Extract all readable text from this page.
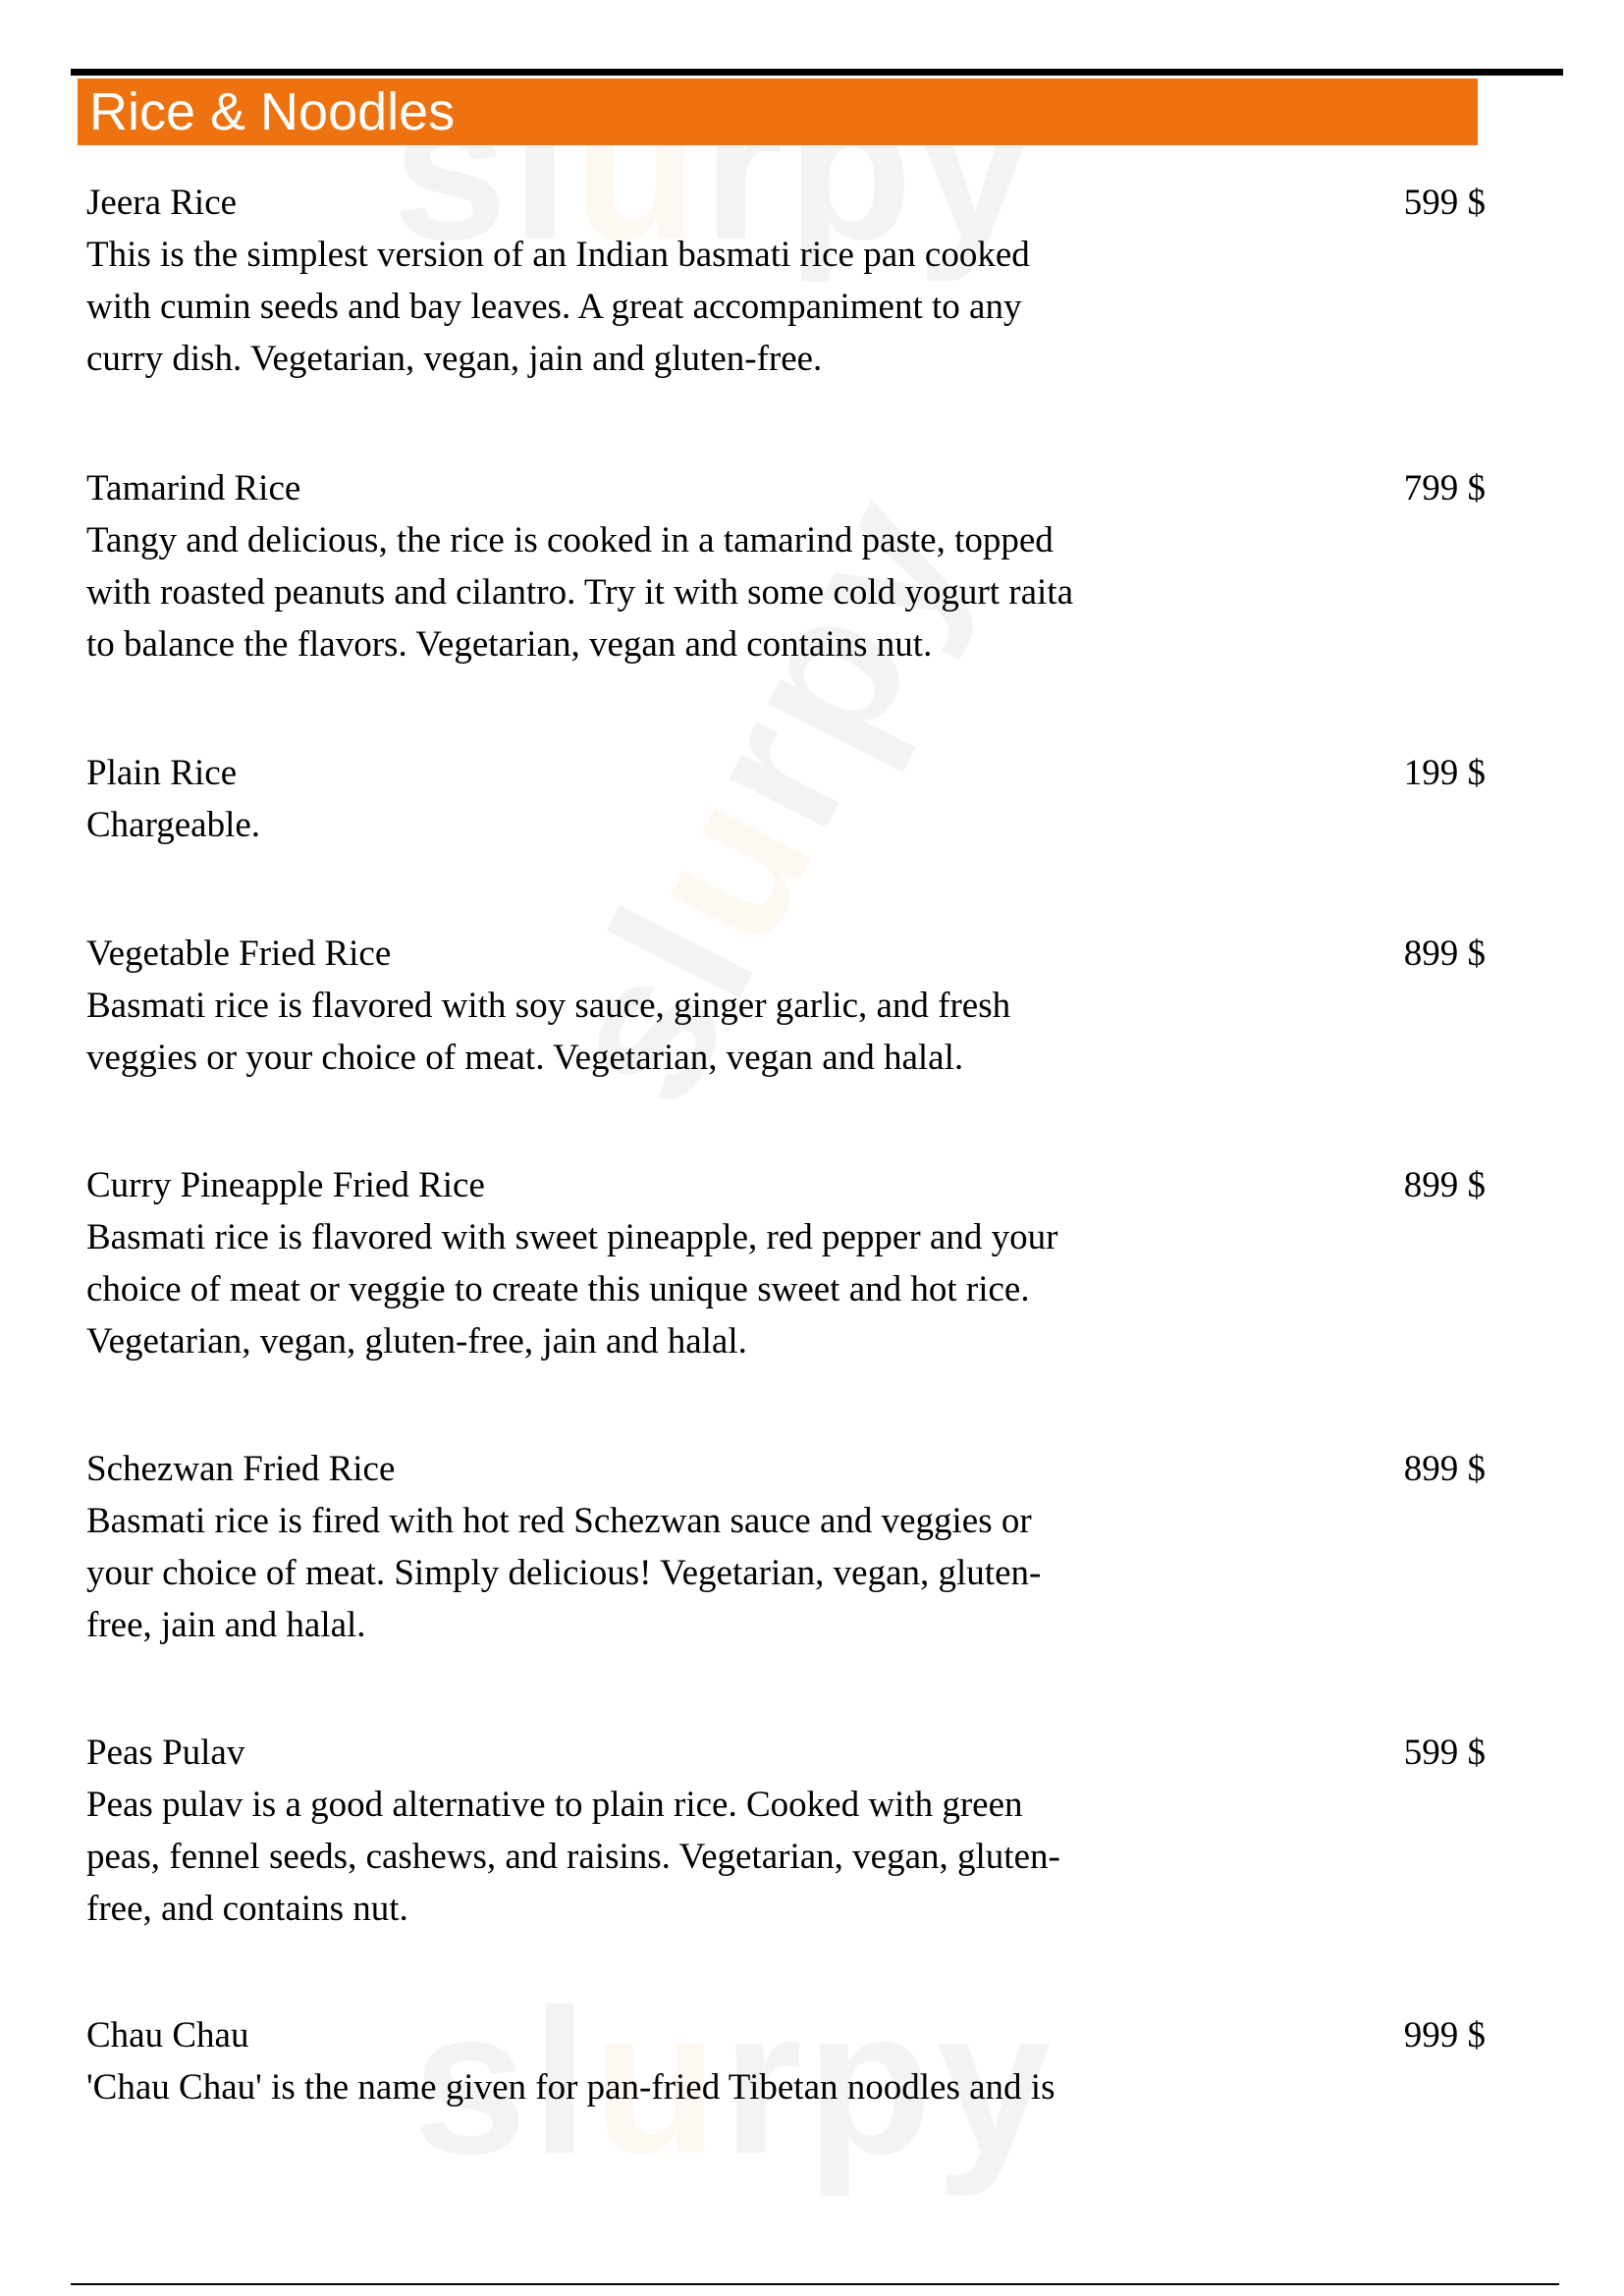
Rice & Noodles
Jeera Rice	599 $

This is the simplest version of an Indian basmati rice pan cooked
with cumin seeds and bay leaves. A great accompaniment to any
curry dish. Vegetarian, vegan, jain and gluten-free.

Tamarind Rice	799 $

Tangy and delicious, the rice is cooked in a tamarind paste, topped
with roasted peanuts and cilantro. Try it with some cold yogurt raita
to balance the flavors. Vegetarian, vegan and contains nut.

Plain Rice	199 $

Chargeable.

Vegetable Fried Rice	899 $

Basmati rice is flavored with soy sauce, ginger garlic, and fresh
veggies or your choice of meat. Vegetarian, vegan and halal.

Curry Pineapple Fried Rice	899 $

Basmati rice is flavored with sweet pineapple, red pepper and your
choice of meat or veggie to create this unique sweet and hot rice.
Vegetarian, vegan, gluten-free, jain and halal.

Schezwan Fried Rice	899 $

Basmati rice is fired with hot red Schezwan sauce and veggies or
your choice of meat. Simply delicious! Vegetarian, vegan, gluten-
free, jain and halal.

Peas Pulav	599 $

Peas pulav is a good alternative to plain rice. Cooked with green
peas, fennel seeds, cashews, and raisins. Vegetarian, vegan, gluten-
free, and contains nut.

Chau Chau	999 $

'Chau Chau' is the name given for pan-fried Tibetan noodles and is
